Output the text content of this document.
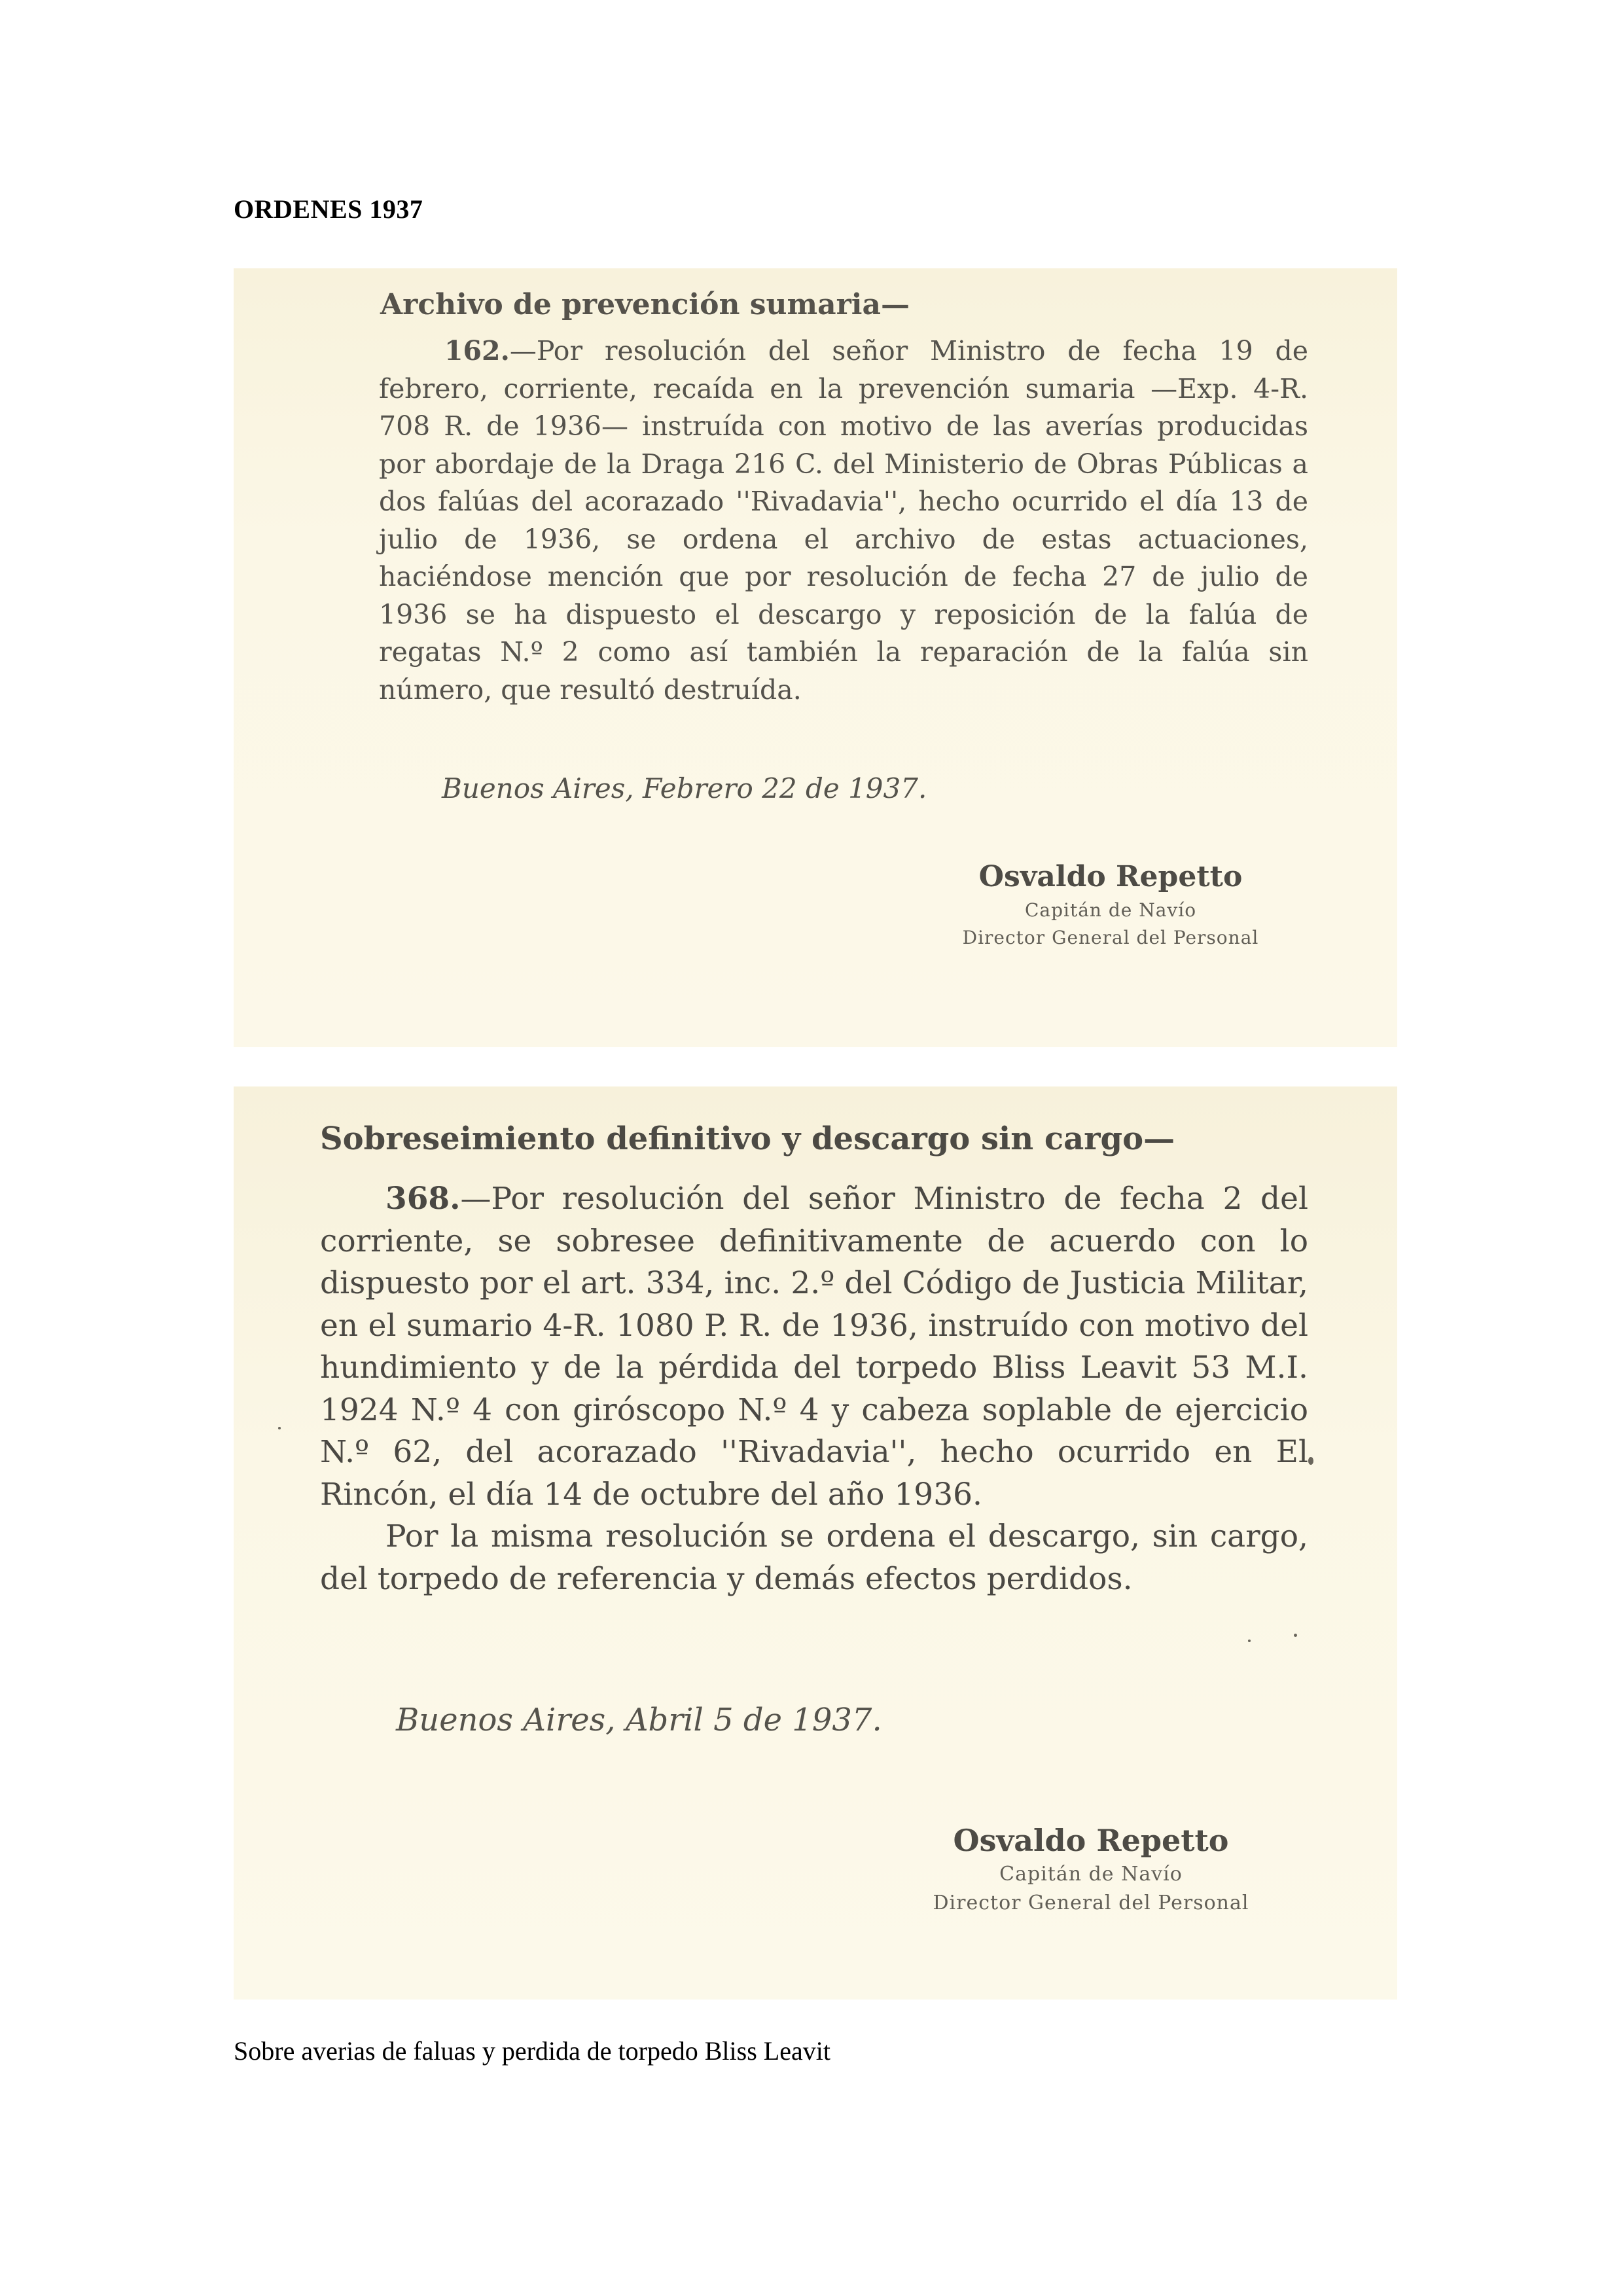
ORDENES 1937
Archivo de prevención sumaria—

162.—Por resolución del señor Ministro de fecha 19 de febrero, corriente, recaída en la prevención sumaria —Exp. 4-R. 708 R. de 1936— instruída con motivo de las averías producidas por abordaje de la Draga 216 C. del Ministerio de Obras Públicas a dos falúas del acorazado ''Rivadavia'', hecho ocurrido el día 13 de julio de 1936, se ordena el archivo de estas actuaciones, haciéndose mención que por resolución de fecha 27 de julio de 1936 se ha dispuesto el descargo y reposición de la falúa de regatas N.º 2 como así también la reparación de la falúa sin número, que resultó destruída.

Buenos Aires, Febrero 22 de 1937.
Osvaldo Repetto
Capitán de Navío
Director General del Personal
Sobreseimiento definitivo y descargo sin cargo—

368.—Por resolución del señor Ministro de fecha 2 del corriente, se sobresee definitivamente de acuerdo con lo dispuesto por el art. 334, inc. 2.º del Código de Justicia Militar, en el sumario 4-R. 1080 P. R. de 1936, instruído con motivo del hundimiento y de la pérdida del torpedo Bliss Leavit 53 M.I. 1924 N.º 4 con giróscopo N.º 4 y cabeza soplable de ejercicio N.º 62, del acorazado ''Rivadavia'', hecho ocurrido en El Rincón, el día 14 de octubre del año 1936.

Por la misma resolución se ordena el descargo, sin cargo, del torpedo de referencia y demás efectos perdidos.

Buenos Aires, Abril 5 de 1937.
Osvaldo Repetto
Capitán de Navío
Director General del Personal
Sobre averias de faluas y perdida de torpedo Bliss Leavit
